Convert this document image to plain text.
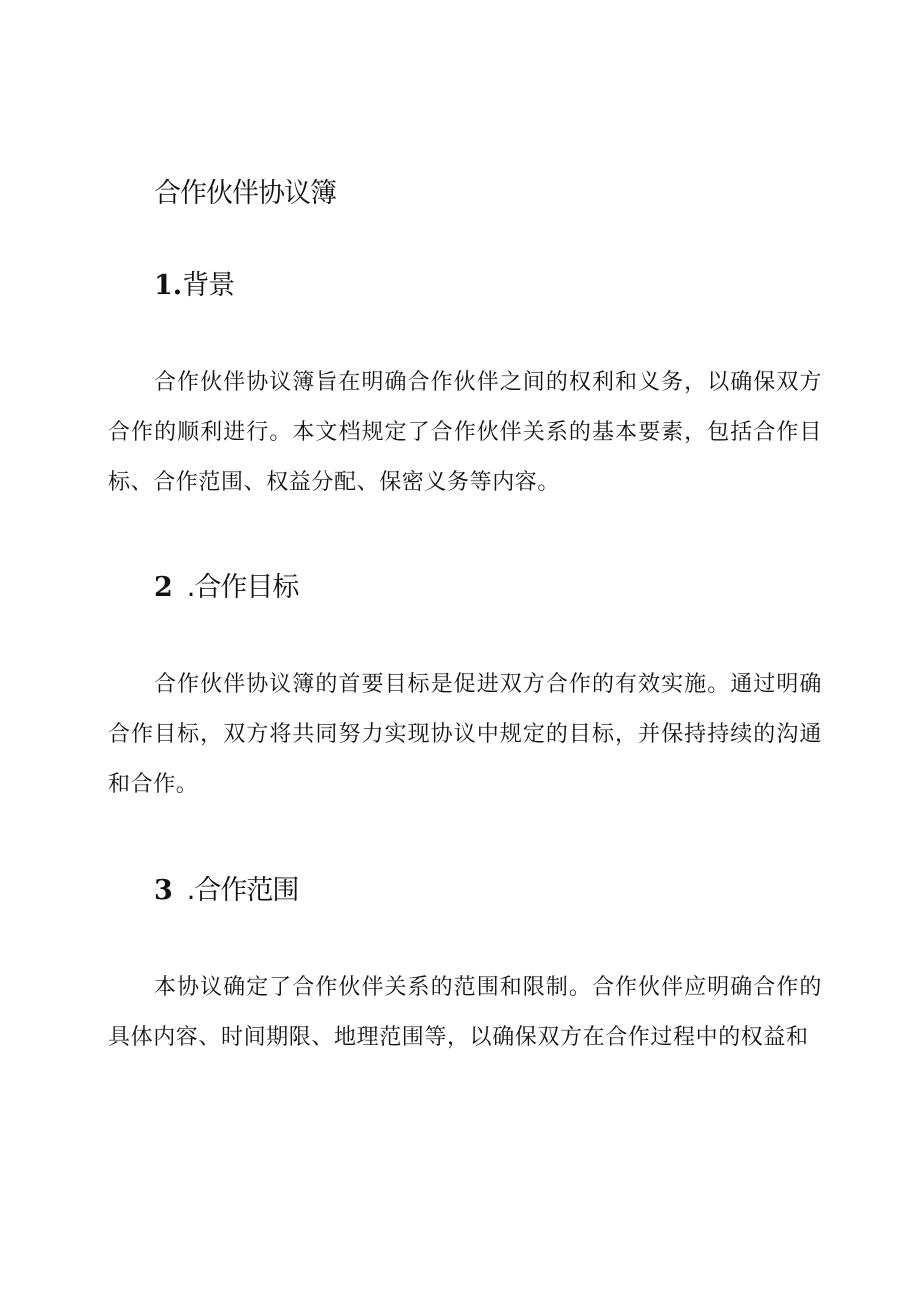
合作伙伴协议簿
1.背景

合作伙伴协议簿旨在明确合作伙伴之间的权利和义务，以确保双方合作的顺利进行。本文档规定了合作伙伴关系的基本要素，包括合作目标、合作范围、权益分配、保密义务等内容。

2 .合作目标

合作伙伴协议簿的首要目标是促进双方合作的有效实施。通过明确合作目标，双方将共同努力实现协议中规定的目标，并保持持续的沟通和合作。

3 .合作范围

本协议确定了合作伙伴关系的范围和限制。合作伙伴应明确合作的具体内容、时间期限、地理范围等，以确保双方在合作过程中的权益和
